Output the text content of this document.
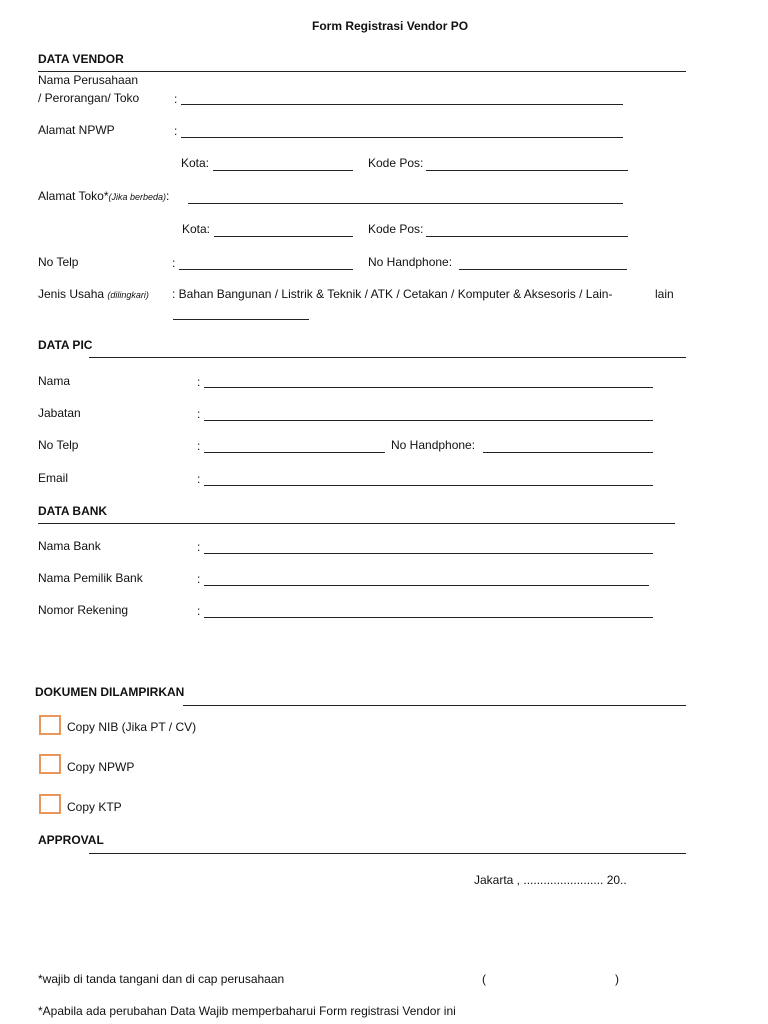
Form Registrasi Vendor PO
DATA VENDOR
Nama Perusahaan
/ Perorangan/ Toko	:
Alamat NPWP	:
Kota:	Kode Pos:
Alamat Toko*(Jika berbeda):
Kota:	Kode Pos:
No Telp	:	No Handphone:
Jenis Usaha (dilingkari) : Bahan Bangunan / Listrik & Teknik / ATK / Cetakan / Komputer & Aksesoris / Lain-	lain
DATA PIC
Nama	:
Jabatan	:
No Telp	:	No Handphone:
Email	:
DATA BANK
Nama Bank	:
Nama Pemilik Bank	:
Nomor Rekening	:
DOKUMEN DILAMPIRKAN
Copy NIB (Jika PT / CV)
Copy NPWP
Copy KTP
APPROVAL
Jakarta , ........................ 20..
*wajib di tanda tangani dan di cap perusahaan	(	)
*Apabila ada perubahan Data Wajib memperbaharui Form registrasi Vendor ini
